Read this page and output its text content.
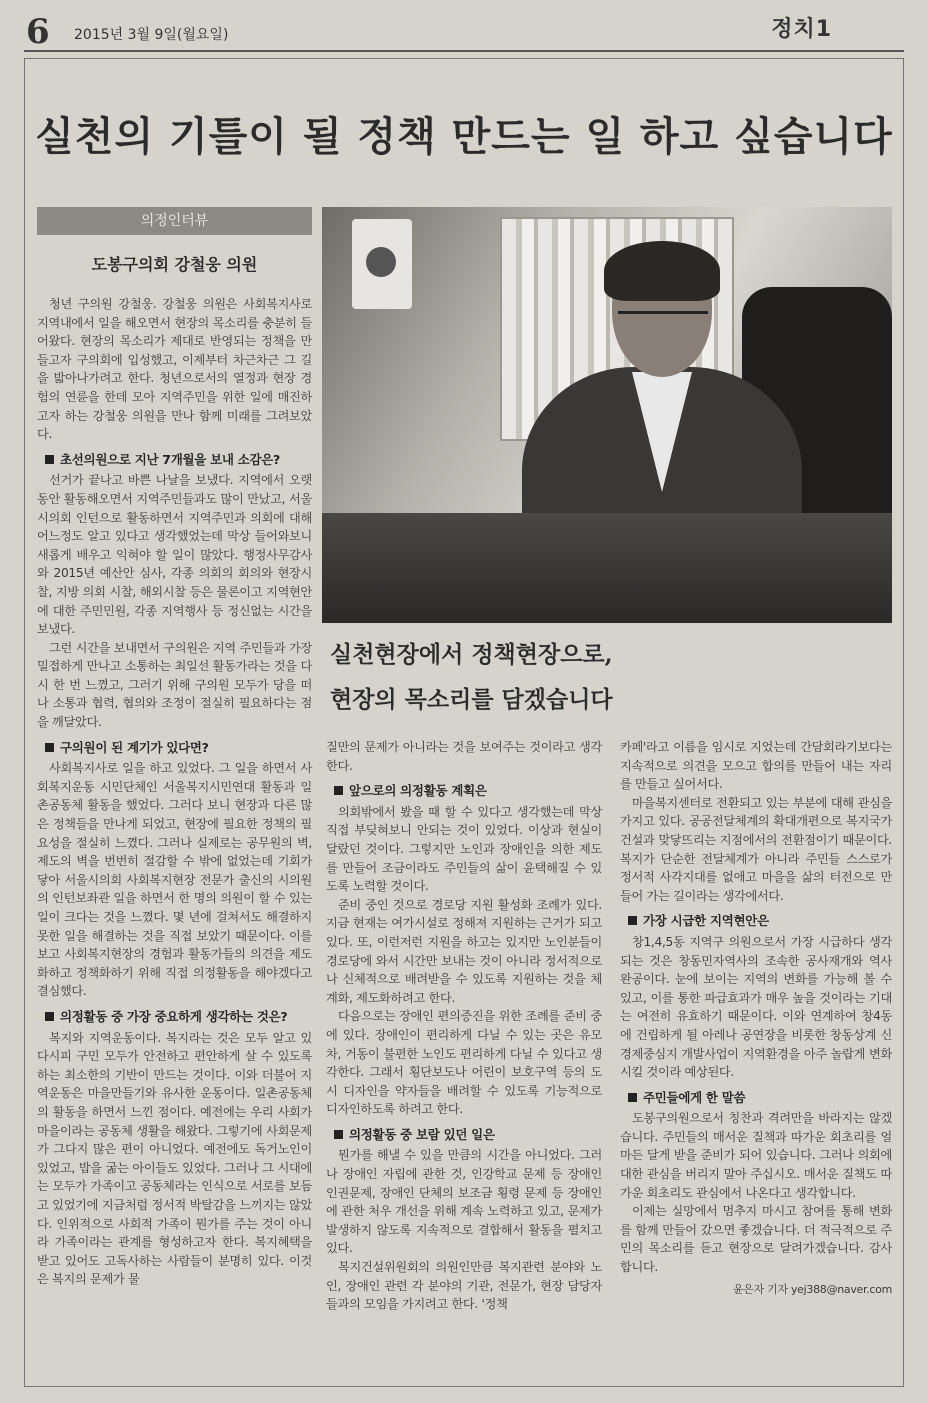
6 2015년 3월 9일(월요일)	정치1
실천의 기틀이 될 정책 만드는 일 하고 싶습니다
의정인터뷰
도봉구의회 강철웅 의원
실천현장에서 정책현장으로,
현장의 목소리를 담겠습니다

청년 구의원 강철웅. 강철웅 의원은 사회복지사로 지역내에서 일을 해오면서 현장의 목소리를 충분히 들어왔다. 현장의 목소리가 제대로 반영되는 정책을 만들고자 구의회에 입성했고, 이제부터 차근차근 그 길을 밟아나가려고 한다. 청년으로서의 열정과 현장 경험의 연륜을 한데 모아 지역주민을 위한 일에 매진하고자 하는 강철웅 의원을 만나 함께 미래를 그려보았다.

초선의원으로 지난 7개월을 보내 소감은?

선거가 끝나고 바쁜 나날을 보냈다. 지역에서 오랫동안 활동해오면서 지역주민들과도 많이 만났고, 서울시의회 인턴으로 활동하면서 지역주민과 의회에 대해 어느정도 알고 있다고 생각했었는데 막상 들어와보니 새롭게 배우고 익혀야 할 일이 많았다. 행정사무감사와 2015년 예산안 심사, 각종 의회의 회의와 현장시찰, 지방 의회 시찰, 해외시찰 등은 물론이고 지역현안에 대한 주민민원, 각종 지역행사 등 정신없는 시간을 보냈다.

그런 시간을 보내면서 구의원은 지역 주민들과 가장 밀접하게 만나고 소통하는 최일선 활동가라는 것을 다시 한 번 느꼈고, 그러기 위해 구의원 모두가 당을 떠나 소통과 협력, 협의와 조정이 절실히 필요하다는 점을 깨달았다.

구의원이 된 계기가 있다면?

사회복지사로 일을 하고 있었다. 그 일을 하면서 사회복지운동 시민단체인 서울복지시민연대 활동과 일촌공동체 활동을 했었다. 그러다 보니 현장과 다른 많은 정책들을 만나게 되었고, 현장에 필요한 정책의 필요성을 절실히 느꼈다. 그러나 실제로는 공무원의 벽, 제도의 벽을 번번히 절감할 수 밖에 없었는데 기회가 닿아 서울시의회 사회복지현장 전문가 출신의 시의원의 인턴보좌관 일을 하면서 한 명의 의원이 할 수 있는 일이 크다는 것을 느꼈다. 몇 년에 걸쳐서도 해결하지 못한 일을 해결하는 것을 직접 보았기 때문이다. 이를 보고 사회복지현장의 경험과 활동가들의 의견을 제도화하고 정책화하기 위해 직접 의정활동을 해야겠다고 결심했다.

의정활동 중 가장 중요하게 생각하는 것은?

복지와 지역운동이다. 복지라는 것은 모두 알고 있다시피 구민 모두가 안전하고 편안하게 살 수 있도록 하는 최소한의 기반이 만드는 것이다. 이와 더불어 지역운동은 마을만들기와 유사한 운동이다. 일촌공동체의 활동을 하면서 느낀 점이다. 예전에는 우리 사회가 마을이라는 공동체 생활을 해왔다. 그렇기에 사회문제가 그다지 많은 편이 아니었다. 예전에도 독거노인이 있었고, 밥을 굶는 아이들도 있었다. 그러나 그 시대에는 모두가 가족이고 공동체라는 인식으로 서로를 보듬고 있었기에 지금처럼 정서적 박탈감을 느끼지는 않았다. 인위적으로 사회적 가족이 뭔가를 주는 것이 아니라 가족이라는 관계를 형성하고자 한다. 복지혜택을 받고 있어도 고독사하는 사람들이 분명히 있다. 이것은 복지의 문제가 물

질만의 문제가 아니라는 것을 보여주는 것이라고 생각한다.

앞으로의 의정활동 계획은

의회밖에서 봤을 때 할 수 있다고 생각했는데 막상 직접 부딪혀보니 안되는 것이 있었다. 이상과 현실이 달랐던 것이다. 그렇지만 노인과 장애인을 의한 제도를 만들어 조금이라도 주민들의 삶이 윤택해질 수 있도록 노력할 것이다.

준비 중인 것으로 경로당 지원 활성화 조례가 있다. 지금 현재는 여가시설로 정해져 지원하는 근거가 되고 있다. 또, 이런저런 지원을 하고는 있지만 노인분들이 경로당에 와서 시간만 보내는 것이 아니라 정서적으로나 신체적으로 배려받을 수 있도록 지원하는 것을 체계화, 제도화하려고 한다.

다음으로는 장애인 편의증진을 위한 조례를 준비 중에 있다. 장애인이 편리하게 다닐 수 있는 곳은 유모차, 거동이 불편한 노인도 편리하게 다닐 수 있다고 생각한다. 그래서 횡단보도나 어린이 보호구역 등의 도시 디자인을 약자들을 배려할 수 있도록 기능적으로 디자인하도록 하려고 한다.

의정활동 중 보람 있던 일은

뭔가를 해낼 수 있을 만큼의 시간을 아니었다. 그러나 장애인 자립에 관한 것, 인강학교 문제 등 장애인 인권문제, 장애인 단체의 보조금 횡령 문제 등 장애인에 관한 처우 개선을 위해 계속 노력하고 있고, 문제가 발생하지 않도록 지속적으로 결합해서 활동을 펼치고 있다.

복지건설위원회의 의원인만큼 복지관련 분야와 노인, 장애인 관련 각 분야의 기관, 전문가, 현장 담당자들과의 모임을 가지려고 한다. '정책

카페'라고 이름을 임시로 지었는데 간담회라기보다는 지속적으로 의견을 모으고 합의를 만들어 내는 자리를 만들고 싶어서다.

마을복지센터로 전환되고 있는 부분에 대해 관심을 가지고 있다. 공공전달체계의 확대개편으로 복지국가 건설과 맞닿뜨리는 지점에서의 전환점이기 때문이다. 복지가 단순한 전달체계가 아니라 주민들 스스로가 정서적 사각지대를 없애고 마을을 삶의 터전으로 만들어 가는 길이라는 생각에서다.

가장 시급한 지역현안은

창1,4,5동 지역구 의원으로서 가장 시급하다 생각되는 것은 창동민자역사의 조속한 공사재개와 역사 완공이다. 눈에 보이는 지역의 변화를 가능해 볼 수 있고, 이를 통한 파급효과가 매우 높을 것이라는 기대는 여전히 유효하기 때문이다. 이와 연계하여 창4동에 건립하게 될 아레나 공연장을 비롯한 창동상계 신경제중심지 개발사업이 지역환경을 아주 놀랍게 변화시킬 것이라 예상된다.

주민들에게 한 말씀

도봉구의원으로서 칭찬과 격려만을 바라지는 않겠습니다. 주민들의 매서운 질책과 따가운 회초리를 얼마든 달게 받을 준비가 되어 있습니다. 그러나 의회에 대한 관심을 버리지 말아 주십시오. 매서운 질책도 따가운 회초리도 관심에서 나온다고 생각합니다.

이제는 실망에서 멈추지 마시고 참여를 통해 변화를 함께 만들어 갔으면 좋겠습니다. 더 적극적으로 주민의 목소리를 듣고 현장으로 달려가겠습니다. 감사합니다.

윤은자 기자 yej388@naver.com
